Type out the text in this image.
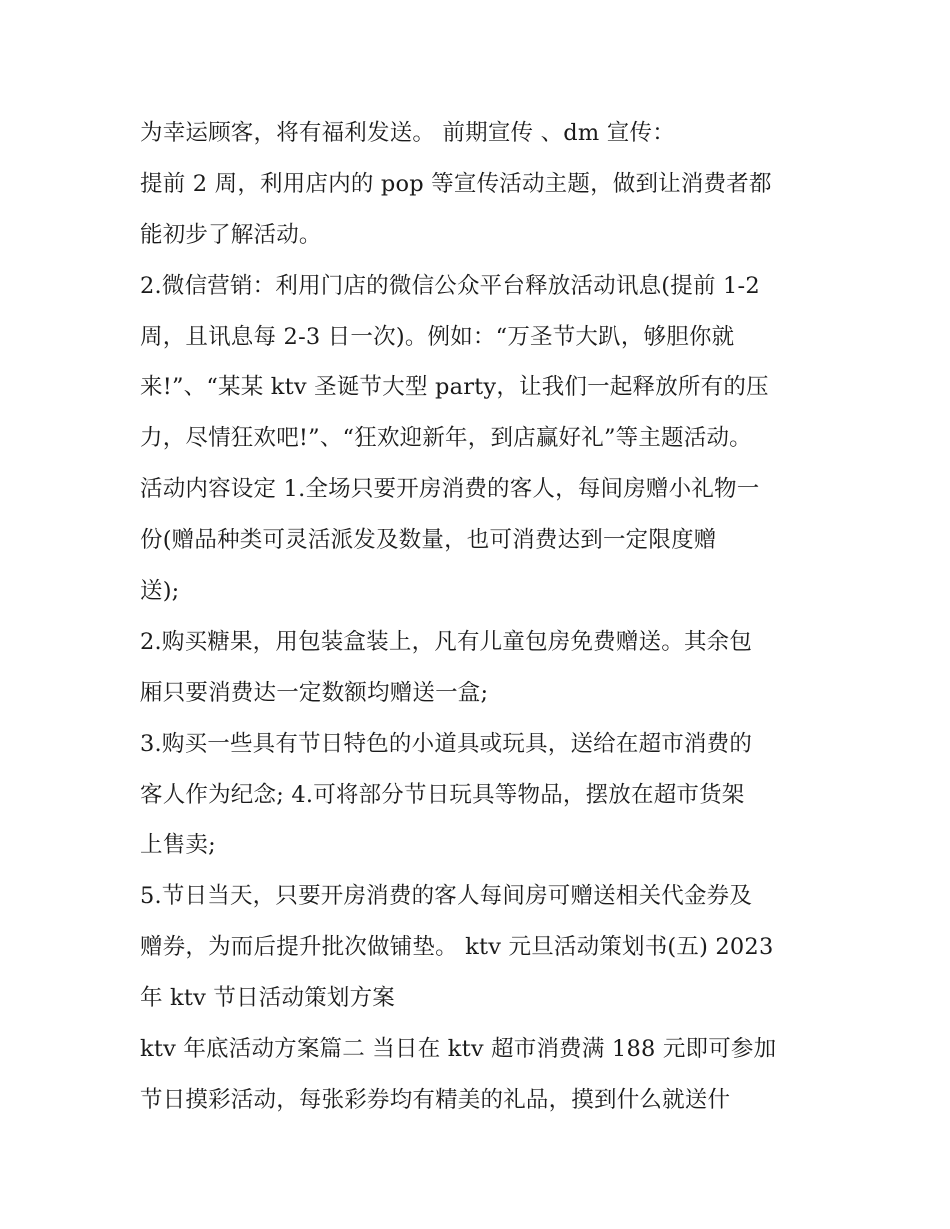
为幸运顾客，将有福利发送。 前期宣传 、dm 宣传：
提前 2 周，利用店内的 pop 等宣传活动主题，做到让消费者都
能初步了解活动。
2.微信营销：利用门店的微信公众平台释放活动讯息(提前 1-2
周，且讯息每 2-3 日一次)。例如：“万圣节大趴，够胆你就
来!”、“某某 ktv 圣诞节大型 party，让我们一起释放所有的压
力，尽情狂欢吧!”、“狂欢迎新年，到店赢好礼”等主题活动。
活动内容设定 1.全场只要开房消费的客人，每间房赠小礼物一
份(赠品种类可灵活派发及数量，也可消费达到一定限度赠
送);
2.购买糖果，用包装盒装上，凡有儿童包房免费赠送。其余包
厢只要消费达一定数额均赠送一盒;
3.购买一些具有节日特色的小道具或玩具，送给在超市消费的
客人作为纪念; 4.可将部分节日玩具等物品，摆放在超市货架
上售卖;
5.节日当天，只要开房消费的客人每间房可赠送相关代金券及
赠券，为而后提升批次做铺垫。 ktv 元旦活动策划书(五) 2023
年 ktv 节日活动策划方案
ktv 年底活动方案篇二 当日在 ktv 超市消费满 188 元即可参加
节日摸彩活动，每张彩券均有精美的礼品，摸到什么就送什
